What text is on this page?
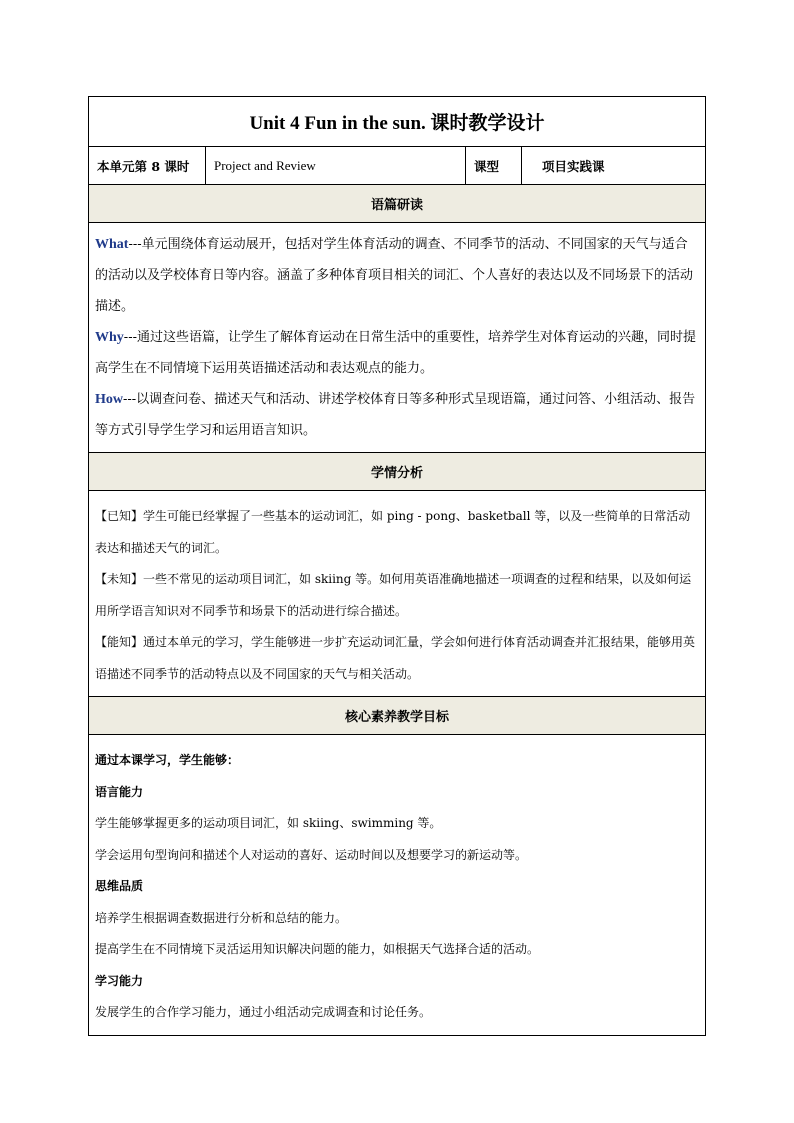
Unit 4 Fun in the sun. 课时教学设计
本单元第 8 课时	Project and Review	课型	项目实践课
语篇研读

What---单元围绕体育运动展开，包括对学生体育活动的调查、不同季节的活动、不同国家的天气与适合的活动以及学校体育日等内容。涵盖了多种体育项目相关的词汇、个人喜好的表达以及不同场景下的活动描述。

Why---通过这些语篇，让学生了解体育运动在日常生活中的重要性，培养学生对体育运动的兴趣，同时提高学生在不同情境下运用英语描述活动和表达观点的能力。

How---以调查问卷、描述天气和活动、讲述学校体育日等多种形式呈现语篇，通过问答、小组活动、报告等方式引导学生学习和运用语言知识。

学情分析

【已知】学生可能已经掌握了一些基本的运动词汇，如 ping - pong、basketball 等，以及一些简单的日常活动表达和描述天气的词汇。

【未知】一些不常见的运动项目词汇，如 skiing 等。如何用英语准确地描述一项调查的过程和结果，以及如何运用所学语言知识对不同季节和场景下的活动进行综合描述。

【能知】通过本单元的学习，学生能够进一步扩充运动词汇量，学会如何进行体育活动调查并汇报结果，能够用英语描述不同季节的活动特点以及不同国家的天气与相关活动。

核心素养教学目标

通过本课学习，学生能够：

语言能力

学生能够掌握更多的运动项目词汇，如 skiing、swimming 等。

学会运用句型询问和描述个人对运动的喜好、运动时间以及想要学习的新运动等。

思维品质

培养学生根据调查数据进行分析和总结的能力。

提高学生在不同情境下灵活运用知识解决问题的能力，如根据天气选择合适的活动。

学习能力

发展学生的合作学习能力，通过小组活动完成调查和讨论任务。
